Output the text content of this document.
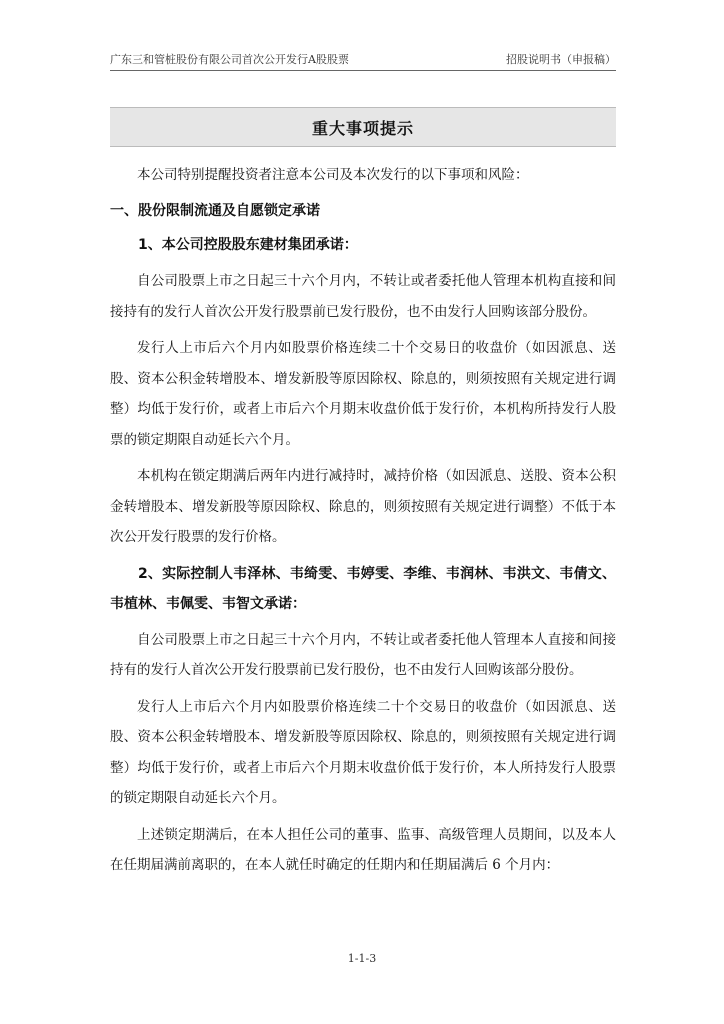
广东三和管桩股份有限公司首次公开发行A股股票	招股说明书（申报稿）
重大事项提示

本公司特别提醒投资者注意本公司及本次发行的以下事项和风险：

一、股份限制流通及自愿锁定承诺

1、本公司控股股东建材集团承诺：

自公司股票上市之日起三十六个月内，不转让或者委托他人管理本机构直接和间接持有的发行人首次公开发行股票前已发行股份，也不由发行人回购该部分股份。

发行人上市后六个月内如股票价格连续二十个交易日的收盘价（如因派息、送股、资本公积金转增股本、增发新股等原因除权、除息的，则须按照有关规定进行调整）均低于发行价，或者上市后六个月期末收盘价低于发行价，本机构所持发行人股票的锁定期限自动延长六个月。

本机构在锁定期满后两年内进行减持时，减持价格（如因派息、送股、资本公积金转增股本、增发新股等原因除权、除息的，则须按照有关规定进行调整）不低于本次公开发行股票的发行价格。

2、实际控制人韦泽林、韦绮雯、韦婷雯、李维、韦润林、韦洪文、韦倩文、韦植林、韦佩雯、韦智文承诺：

自公司股票上市之日起三十六个月内，不转让或者委托他人管理本人直接和间接持有的发行人首次公开发行股票前已发行股份，也不由发行人回购该部分股份。

发行人上市后六个月内如股票价格连续二十个交易日的收盘价（如因派息、送股、资本公积金转增股本、增发新股等原因除权、除息的，则须按照有关规定进行调整）均低于发行价，或者上市后六个月期末收盘价低于发行价，本人所持发行人股票的锁定期限自动延长六个月。

上述锁定期满后，在本人担任公司的董事、监事、高级管理人员期间，以及本人在任期届满前离职的，在本人就任时确定的任期内和任期届满后 6 个月内：

1-1-3
